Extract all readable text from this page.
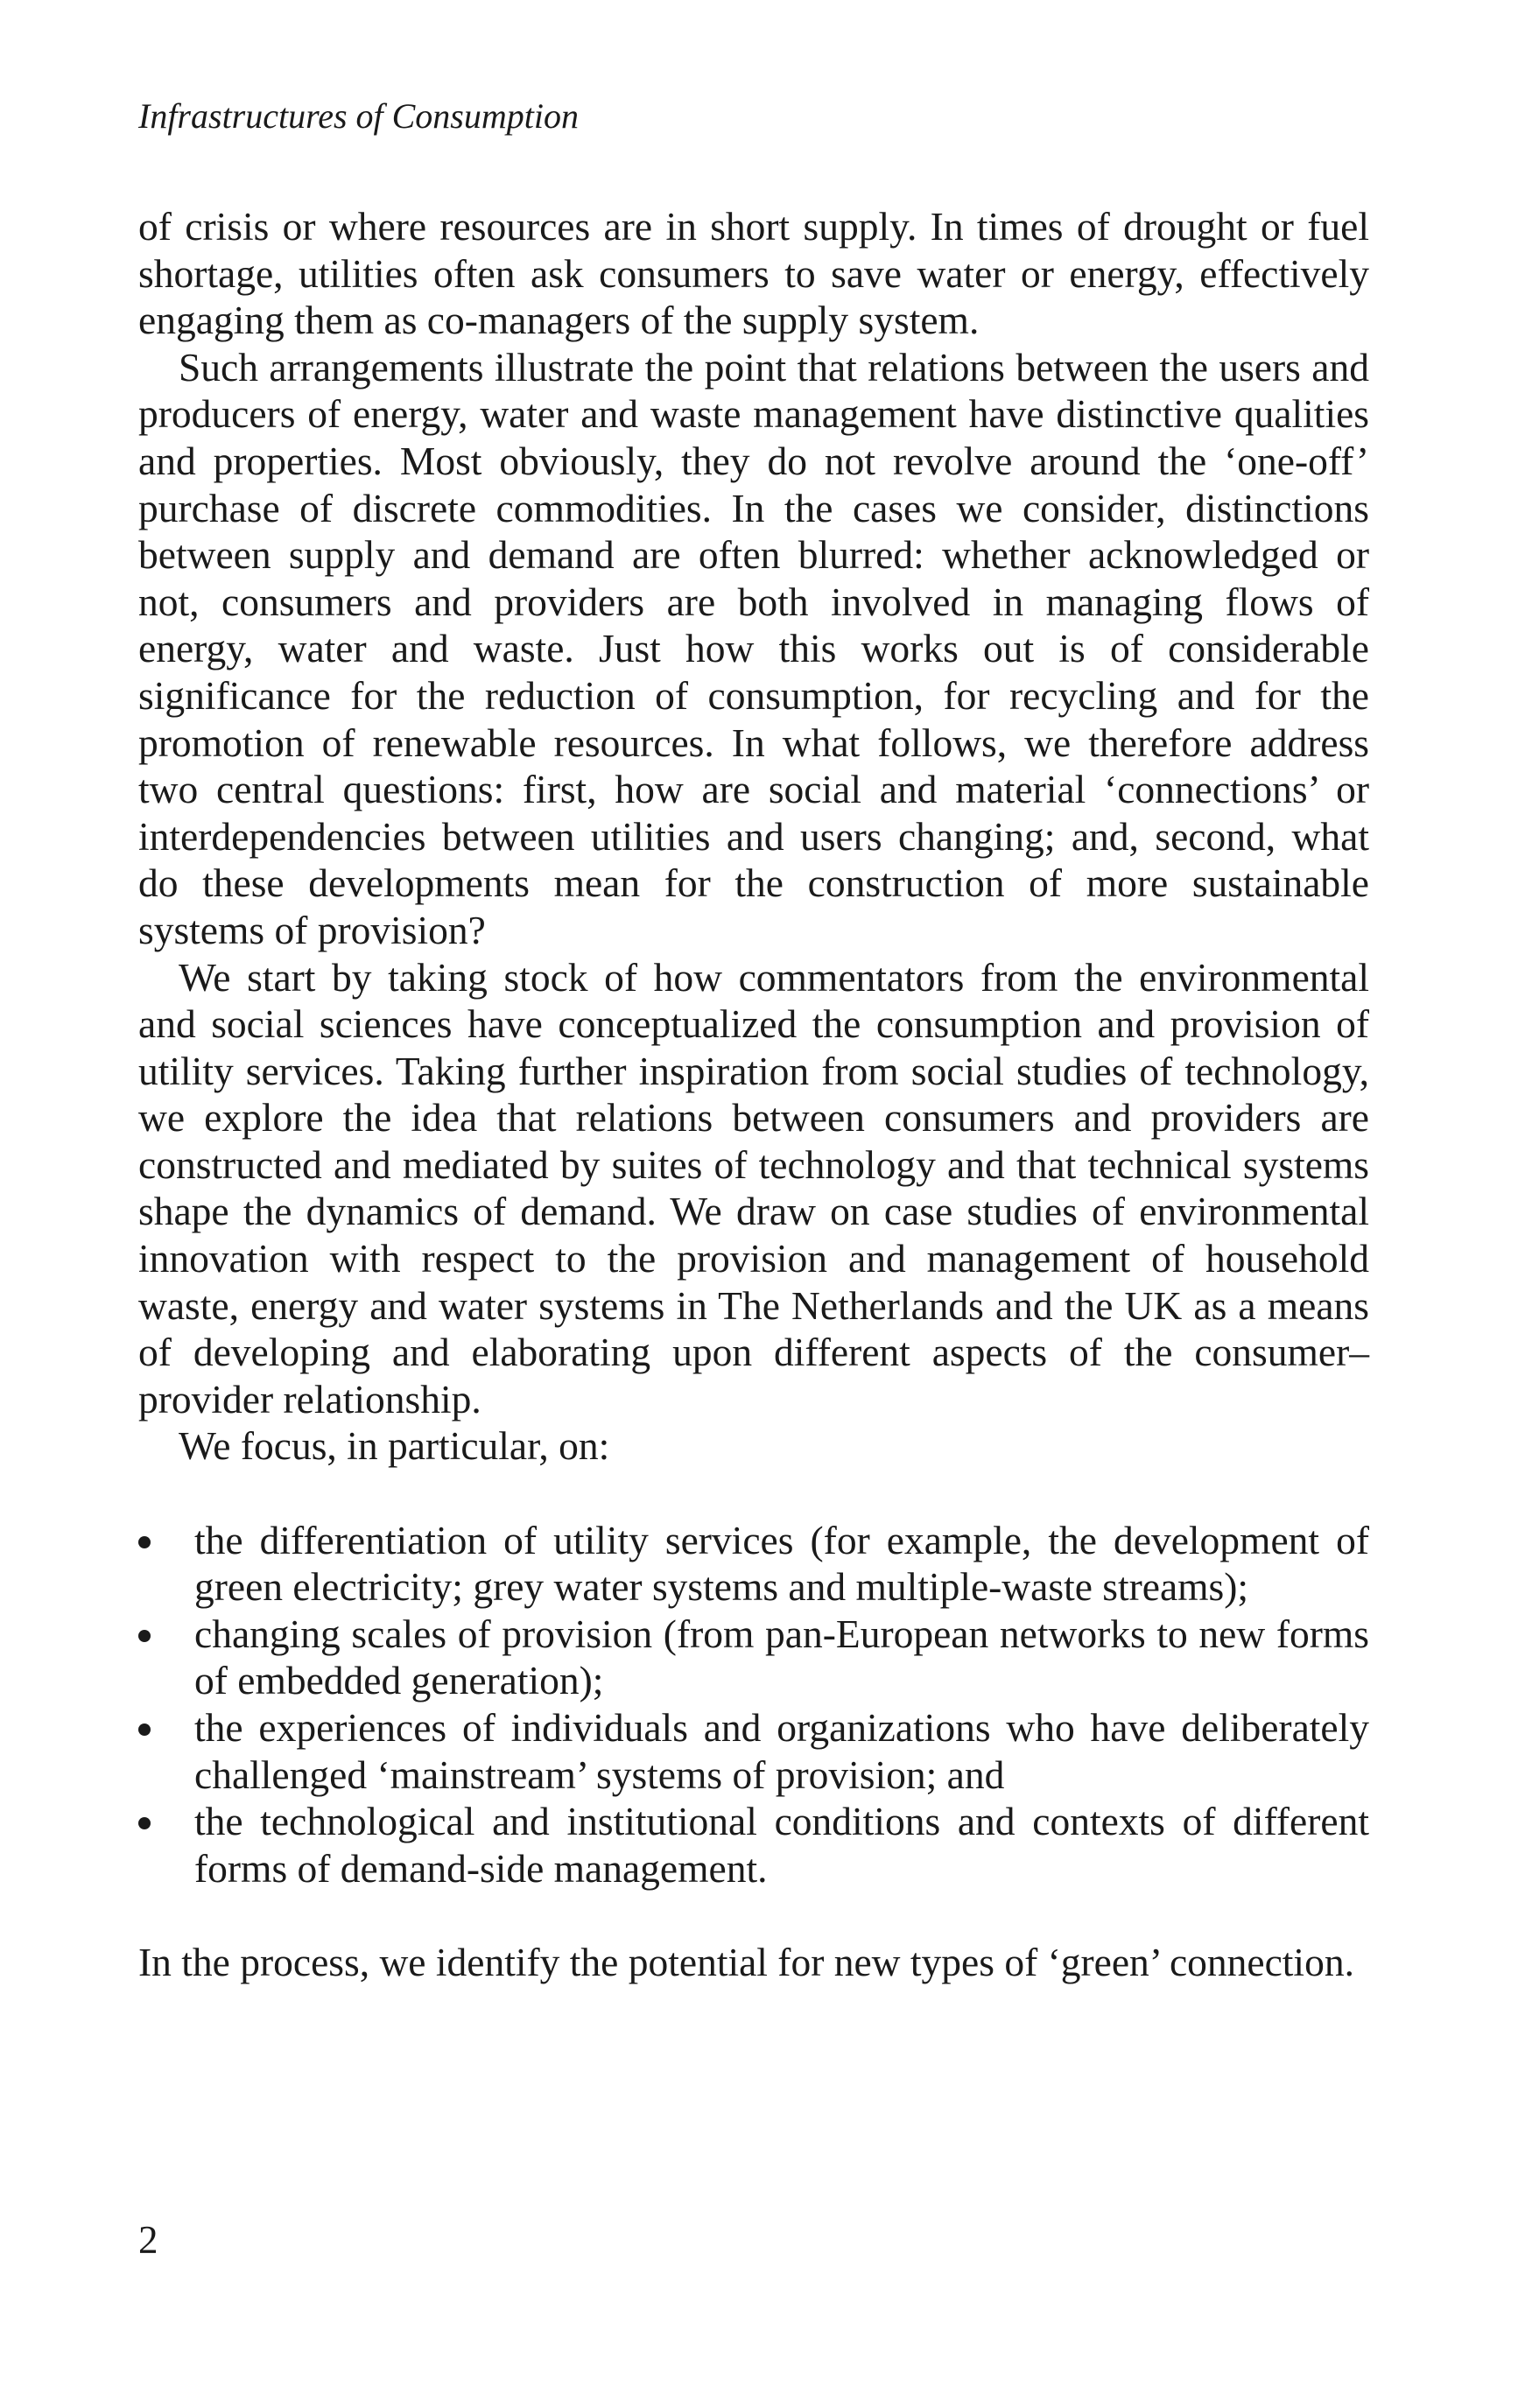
Infrastructures of Consumption

of crisis or where resources are in short supply. In times of drought or fuel shortage, utilities often ask consumers to save water or energy, effectively engaging them as co-managers of the supply system.

Such arrangements illustrate the point that relations between the users and producers of energy, water and waste management have distinctive qualities and properties. Most obviously, they do not revolve around the ‘one-off’ purchase of discrete commodities. In the cases we consider, distinctions between supply and demand are often blurred: whether acknowledged or not, consumers and providers are both involved in managing flows of energy, water and waste. Just how this works out is of considerable significance for the reduction of consumption, for recycling and for the promotion of renewable resources. In what follows, we therefore address two central questions: first, how are social and material ‘connections’ or interdependencies between utilities and users changing; and, second, what do these developments mean for the construction of more sustainable systems of provision?

We start by taking stock of how commentators from the environmental and social sciences have conceptualized the consumption and provision of utility services. Taking further inspiration from social studies of technology, we explore the idea that relations between consumers and providers are constructed and mediated by suites of technology and that technical systems shape the dynamics of demand. We draw on case studies of environmental innovation with respect to the provision and management of household waste, energy and water systems in The Netherlands and the UK as a means of developing and elaborating upon different aspects of the consumer–provider relationship.

We focus, in particular, on:

the differentiation of utility services (for example, the development of green electricity; grey water systems and multiple-waste streams);
changing scales of provision (from pan-European networks to new forms of embedded generation);
the experiences of individuals and organizations who have deliberately challenged ‘mainstream’ systems of provision; and
the technological and institutional conditions and contexts of different forms of demand-side management.

In the process, we identify the potential for new types of ‘green’ connection.

2
